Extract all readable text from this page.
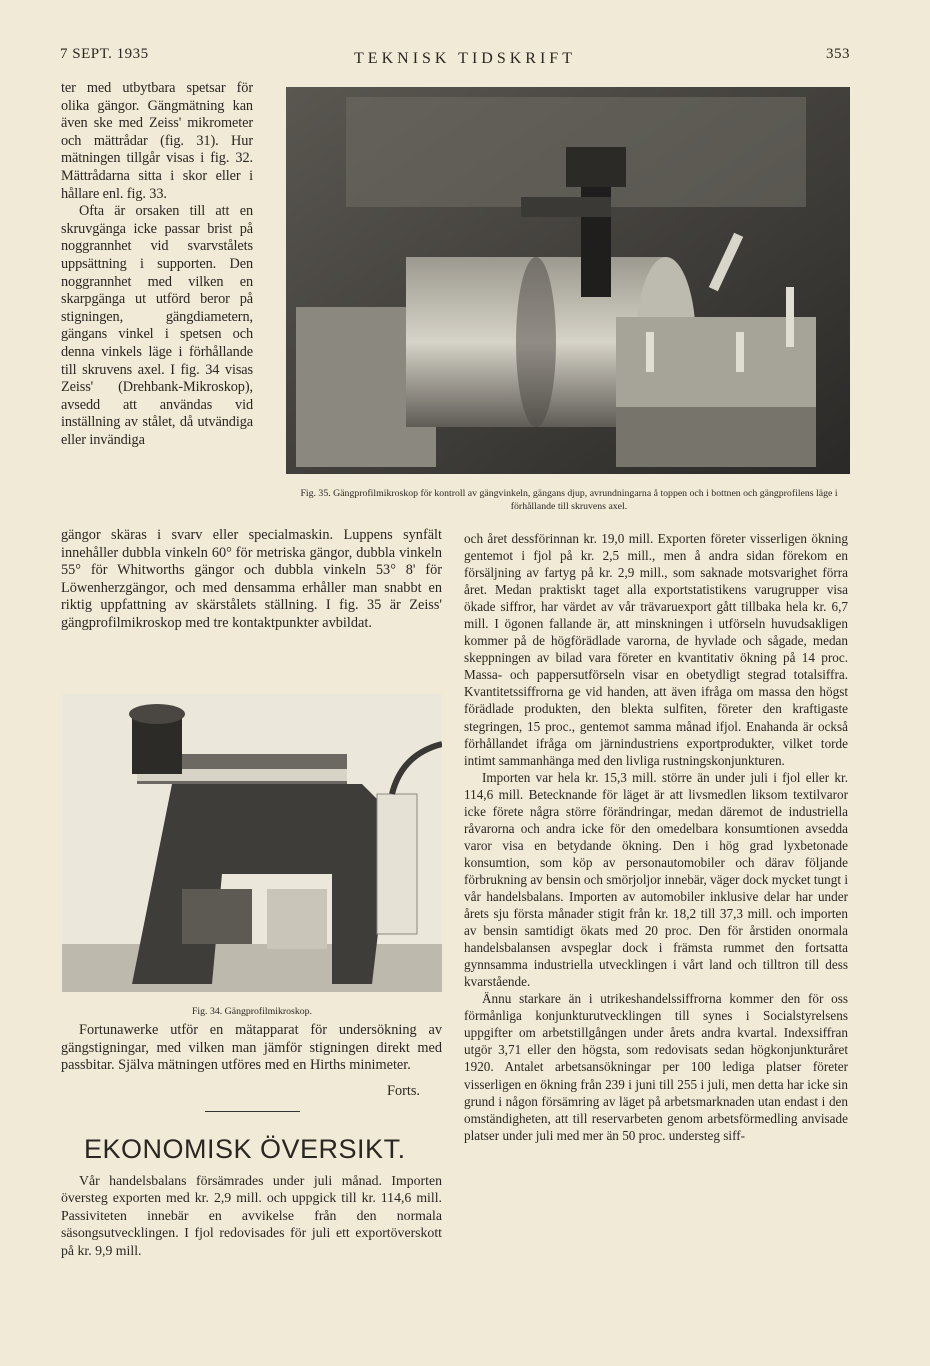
7 SEPT. 1935	TEKNISK TIDSKRIFT	353

ter med utbytbara spetsar för olika gängor. Gängmätning kan även ske med Zeiss' mikrometer och mättrådar (fig. 31). Hur mätningen tillgår visas i fig. 32. Mättrådarna sitta i skor eller i hållare enl. fig. 33.

Ofta är orsaken till att en skruvgänga icke passar brist på noggrannhet vid svarvstålets uppsättning i supporten. Den noggrannhet med vilken en skarpgänga ut utförd beror på stigningen, gängdiametern, gängans vinkel i spetsen och denna vinkels läge i förhållande till skruvens axel. I fig. 34 visas Zeiss' (Drehbank-Mikroskop), avsedd att användas vid inställning av stålet, då utvändiga eller invändiga

gängor skäras i svarv eller specialmaskin. Luppens synfält innehåller dubbla vinkeln 60° för metriska gängor, dubbla vinkeln 55° för Whitworths gängor och dubbla vinkeln 53° 8' för Löwenherzgängor, och med densamma erhåller man snabbt en riktig uppfattning av skärstålets ställning. I fig. 35 är Zeiss' gängprofilmikroskop med tre kontaktpunkter avbildat.

Fig. 35. Gängprofilmikroskop för kontroll av gängvinkeln, gängans djup, avrundningarna å toppen och i bottnen och gängprofilens läge i förhållande till skruvens axel.
Fig. 34. Gängprofilmikroskop.

Fortunawerke utför en mätapparat för undersökning av gängstigningar, med vilken man jämför stigningen direkt med passbitar. Själva mätningen utföres med en Hirths minimeter.

Forts.
EKONOMISK ÖVERSIKT.

Vår handelsbalans försämrades under juli månad. Importen översteg exporten med kr. 2,9 mill. och uppgick till kr. 114,6 mill. Passiviteten innebär en avvikelse från den normala säsongsutvecklingen. I fjol redovisades för juli ett exportöverskott på kr. 9,9 mill.

och året dessförinnan kr. 19,0 mill. Exporten företer visserligen ökning gentemot i fjol på kr. 2,5 mill., men å andra sidan förekom en försäljning av fartyg på kr. 2,9 mill., som saknade motsvarighet förra året. Medan praktiskt taget alla exportstatistikens varugrupper visa ökade siffror, har värdet av vår trävaruexport gått tillbaka hela kr. 6,7 mill. I ögonen fallande är, att minskningen i utförseln huvudsakligen kommer på de högförädlade varorna, de hyvlade och sågade, medan skeppningen av bilad vara företer en kvantitativ ökning på 14 proc. Massa- och pappersutförseln visar en obetydligt stegrad totalsiffra. Kvantitetssiffrorna ge vid handen, att även ifråga om massa den högst förädlade produkten, den blekta sulfiten, företer den kraftigaste stegringen, 15 proc., gentemot samma månad ifjol. Enahanda är också förhållandet ifråga om järnindustriens exportprodukter, vilket torde intimt sammanhänga med den livliga rustningskonjunkturen.

Importen var hela kr. 15,3 mill. större än under juli i fjol eller kr. 114,6 mill. Betecknande för läget är att livsmedlen liksom textilvaror icke förete några större förändringar, medan däremot de industriella råvarorna och andra icke för den omedelbara konsumtionen avsedda varor visa en betydande ökning. Den i hög grad lyxbetonade konsumtion, som köp av personautomobiler och därav följande förbrukning av bensin och smörjoljor innebär, väger dock mycket tungt i vår handelsbalans. Importen av automobiler inklusive delar har under årets sju första månader stigit från kr. 18,2 till 37,3 mill. och importen av bensin samtidigt ökats med 20 proc. Den för årstiden onormala handelsbalansen avspeglar dock i främsta rummet den fortsatta gynnsamma industriella utvecklingen i vårt land och tilltron till dess kvarstående.

Ännu starkare än i utrikeshandelssiffrorna kommer den för oss förmånliga konjunkturutvecklingen till synes i Socialstyrelsens uppgifter om arbetstillgången under årets andra kvartal. Indexsiffran utgör 3,71 eller den högsta, som redovisats sedan högkonjunkturåret 1920. Antalet arbetsansökningar per 100 lediga platser företer visserligen en ökning från 239 i juni till 255 i juli, men detta har icke sin grund i någon försämring av läget på arbetsmarknaden utan endast i den omständigheten, att till reservarbeten genom arbetsförmedling anvisade platser under juli med mer än 50 proc. understeg siff-
